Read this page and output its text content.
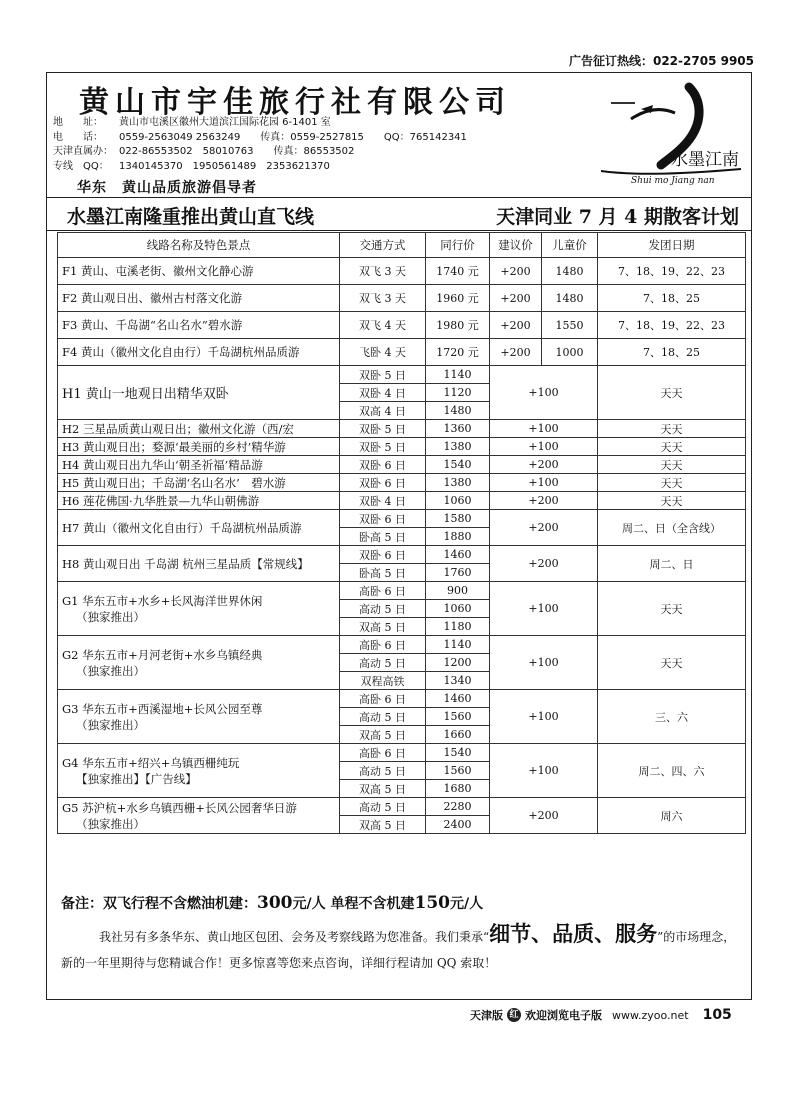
广告征订热线：022-2705 9905
黄山市宇佳旅行社有限公司
地　　址：	黄山市屯溪区徽州大道滨江国际花园 6-1401 室
电　　话：	0559-2563049 2563249　　传真：0559-2527815　　QQ：765142341
天津直属办： 022-86553502　58010763　　传真：86553502
专线　QQ：	1340145370　1950561489　2353621370
华东　黄山品质旅游倡导者
水墨江南
Shui mo Jiang nan
水墨江南隆重推出黄山直飞线	天津同业 7 月 4 期散客计划
线路名称及特色景点	交通方式	同行价	建议价	儿童价	发团日期
F1 黄山、屯溪老街、徽州文化静心游	双飞 3 天	1740 元	+200	1480	7、18、19、22、23
F2 黄山观日出、徽州古村落文化游	双飞 3 天	1960 元	+200	1480	7、18、25
F3 黄山、千岛湖“名山名水”碧水游	双飞 4 天	1980 元	+200	1550	7、18、19、22、23
F4 黄山（徽州文化自由行）千岛湖杭州品质游	飞卧 4 天	1720 元	+200	1000	7、18、25

H1 黄山一地观日出精华双卧	双卧 5 日	1140	+100		天天
	双卧 4 日	1120			
	双高 4 日	1480			
H2 三星品质黄山观日出；徽州文化游（西/宏	双卧 5 日	1360	+100		天天
H3 黄山观日出；婺源‘最美丽的乡村’精华游	双卧 5 日	1380	+100		天天
H4 黄山观日出九华山‘朝圣祈福’精品游	双卧 6 日	1540	+200		天天
H5 黄山观日出；千岛湖‘名山名水’　碧水游	双卧 6 日	1380	+100		天天
H6 莲花佛国·九华胜景—九华山朝佛游	双卧 4 日	1060	+200		天天

H7 黄山（徽州文化自由行）千岛湖杭州品质游	双卧 6 日	1580	+200		周二、日（全含线）
	卧高 5 日	1880			

H8 黄山观日出 千岛湖 杭州三星品质【常规线】	双卧 6 日	1460	+200		周二、日
	卧高 5 日	1760			

G1 华东五市+水乡+长风海洋世界休闲
（独家推出）	高卧 6 日	900	+100		天天
	高动 5 日	1060			
	双高 5 日	1180			

G2 华东五市+月河老街+水乡乌镇经典
（独家推出）	高卧 6 日	1140	+100		天天
	高动 5 日	1200			
	双程高铁	1340			

G3 华东五市+西溪湿地+长风公园至尊
（独家推出）	高卧 6 日	1460	+100		三、六
	高动 5 日	1560			
	双高 5 日	1660			

G4 华东五市+绍兴+乌镇西栅纯玩
【独家推出】【广告线】	高卧 6 日	1540	+100		周二、四、六
	高动 5 日	1560			
	双高 5 日	1680			

G5 苏沪杭+水乡乌镇西栅+长风公园奢华日游
（独家推出）	高动 5 日	2280	+200		周六
	双高 5 日	2400			
备注：双飞行程不含燃油机建：300元/人 单程不含机建150元/人
我社另有多条华东、黄山地区包团、会务及考察线路为您准备。我们秉承“细节、品质、服务”的市场理念，新的一年里期待与您精诚合作！更多惊喜等您来点咨询，详细行程请加 QQ 索取！
天津版 红 欢迎浏览电子版 www.zyoo.net 105
